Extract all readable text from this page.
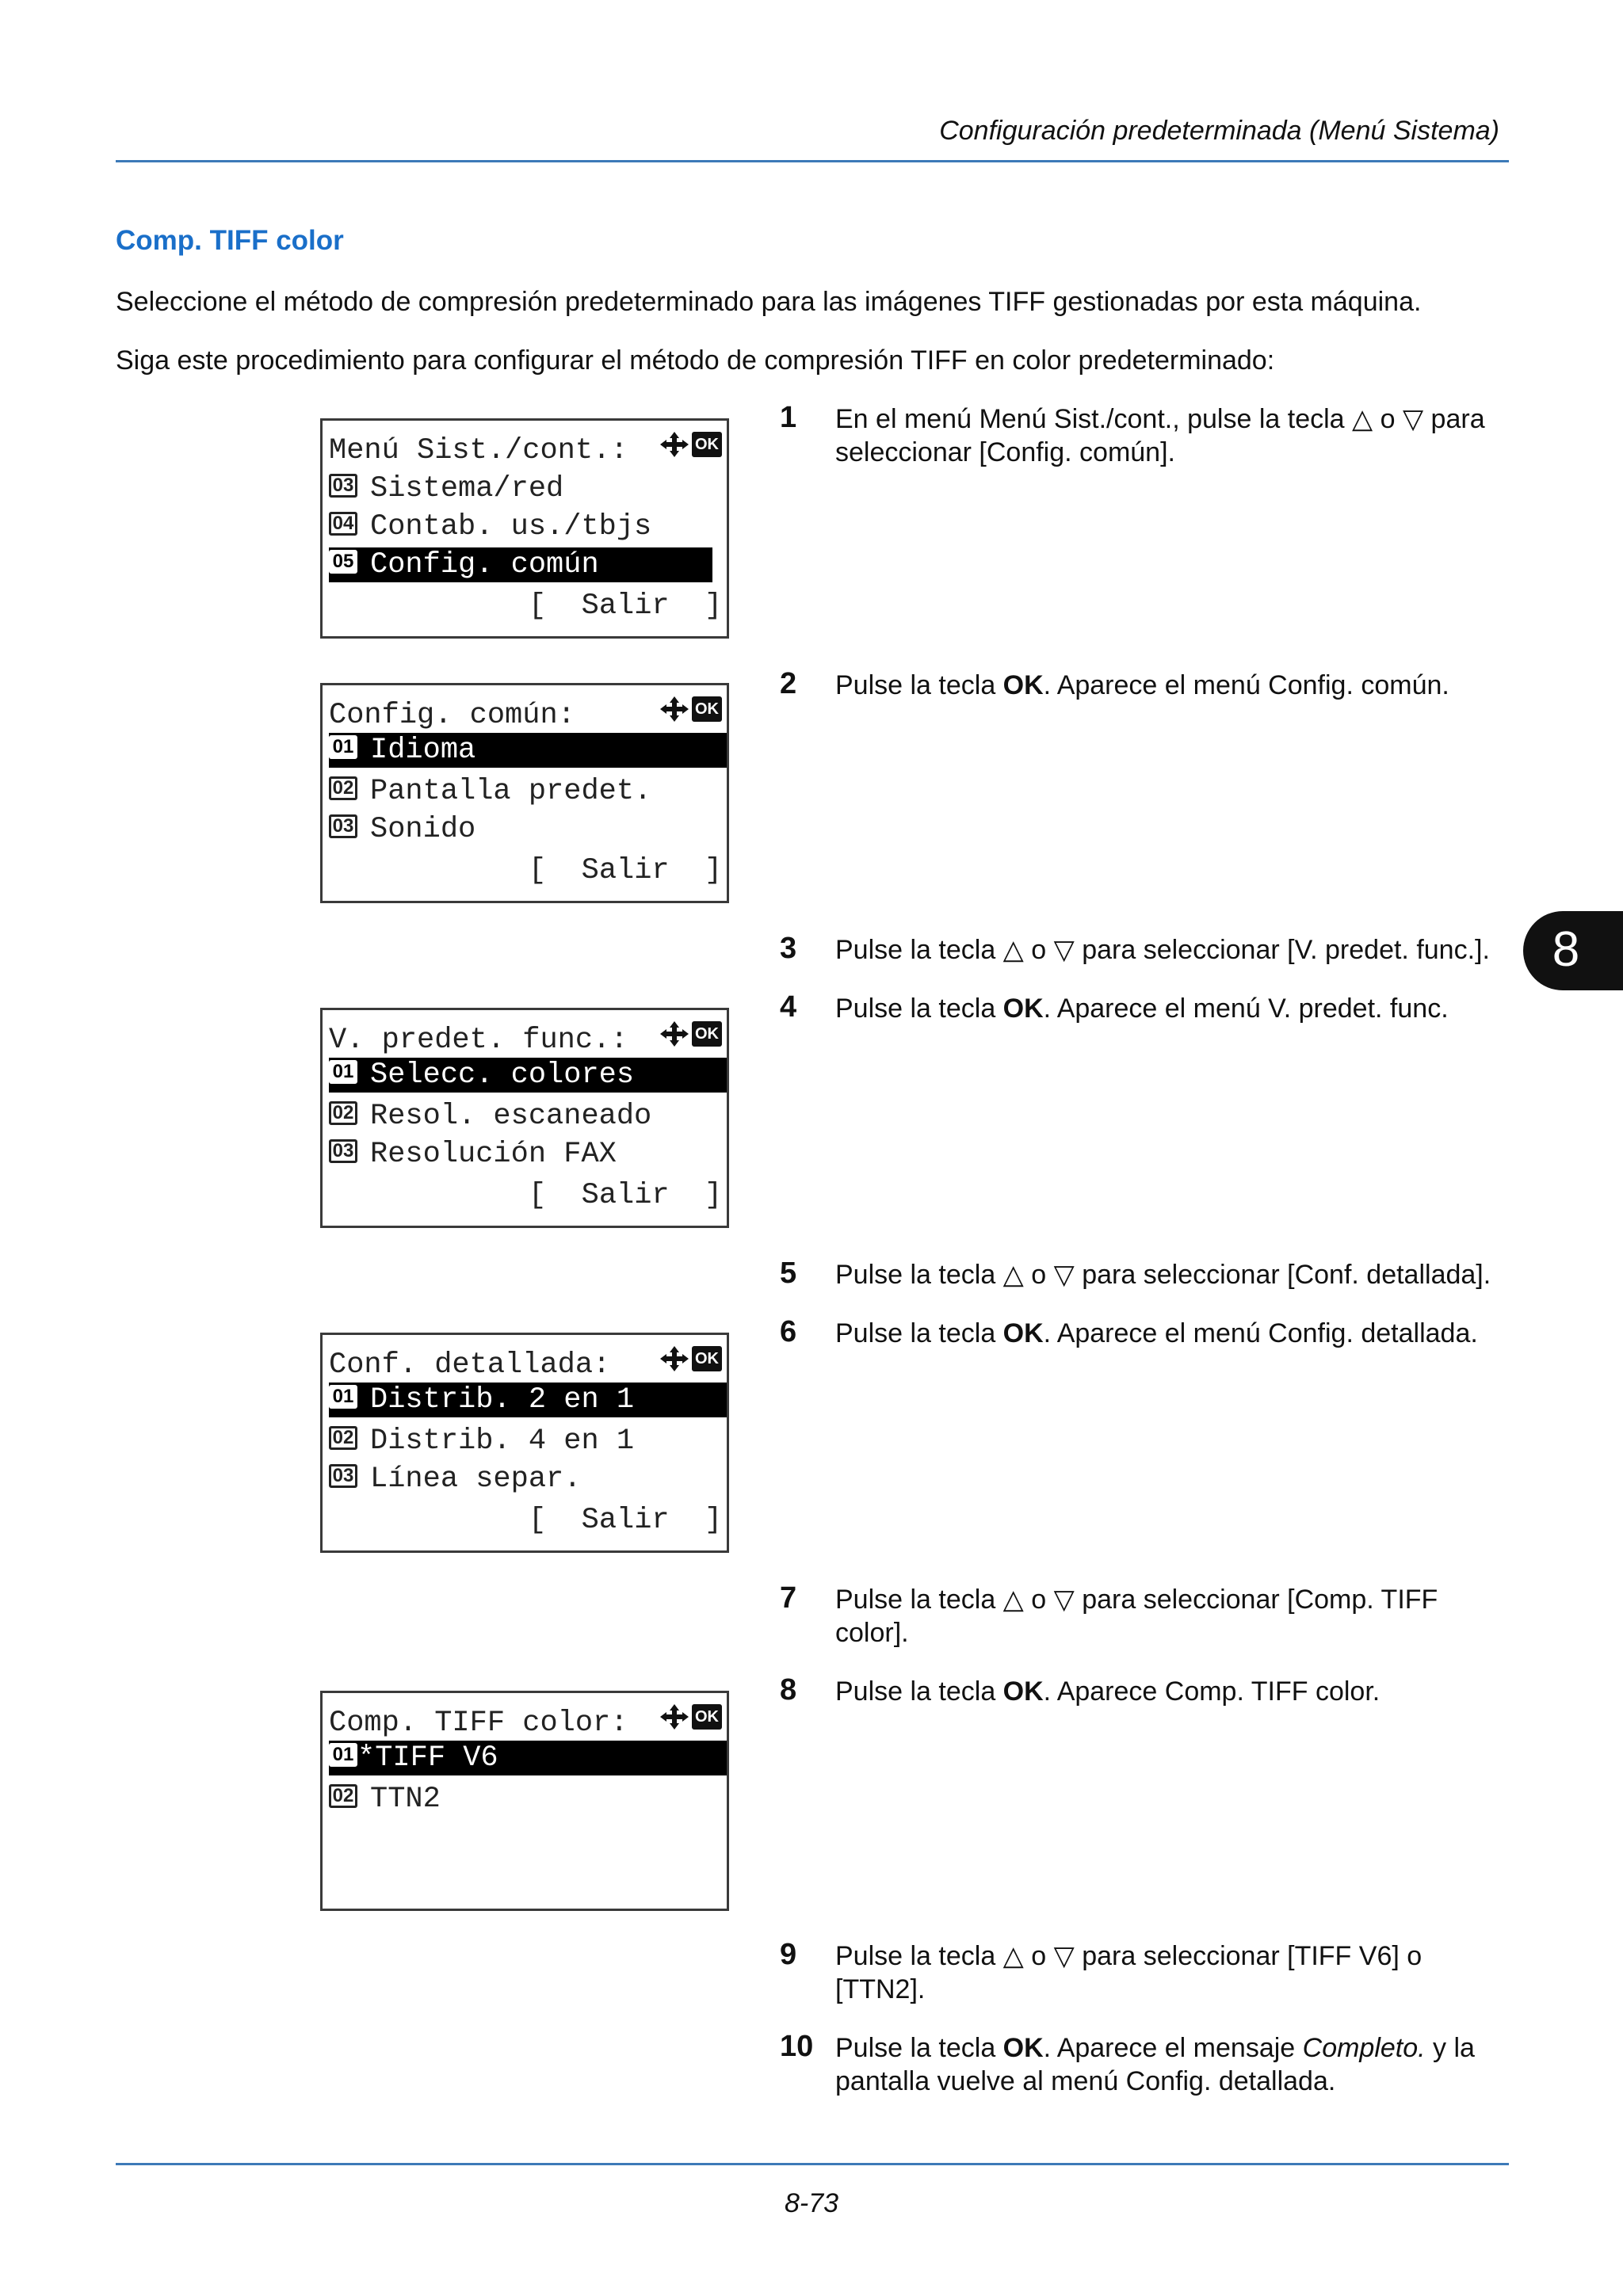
Configuración predeterminada (Menú Sistema)
Comp. TIFF color
Seleccione el método de compresión predeterminado para las imágenes TIFF gestionadas por esta máquina.
Siga este procedimiento para configurar el método de compresión TIFF en color predeterminado:
8
Menú Sist./cont.:	OK
03 Sistema/red
04 Contab. us./tbjs
05 Config. común
[  Salir  ]
Config. común:	OK
01 Idioma
02 Pantalla predet.
03 Sonido
[  Salir  ]
V. predet. func.:	OK
01 Selecc. colores
02 Resol. escaneado
03 Resolución FAX
[  Salir  ]
Conf. detallada:	OK
01 Distrib. 2 en 1
02 Distrib. 4 en 1
03 Línea separ.
[  Salir  ]
Comp. TIFF color:	OK
01 *TIFF V6
02 TTN2
1 En el menú Menú Sist./cont., pulse la tecla △ o ▽ para seleccionar [Config. común].
2 Pulse la tecla OK. Aparece el menú Config. común.
3 Pulse la tecla △ o ▽ para seleccionar [V. predet. func.].
4 Pulse la tecla OK. Aparece el menú V. predet. func.
5 Pulse la tecla △ o ▽ para seleccionar [Conf. detallada].
6 Pulse la tecla OK. Aparece el menú Config. detallada.
7 Pulse la tecla △ o ▽ para seleccionar [Comp. TIFF color].
8 Pulse la tecla OK. Aparece Comp. TIFF color.
9 Pulse la tecla △ o ▽ para seleccionar [TIFF V6] o [TTN2].
10 Pulse la tecla OK. Aparece el mensaje Completo. y la pantalla vuelve al menú Config. detallada.
8-73
